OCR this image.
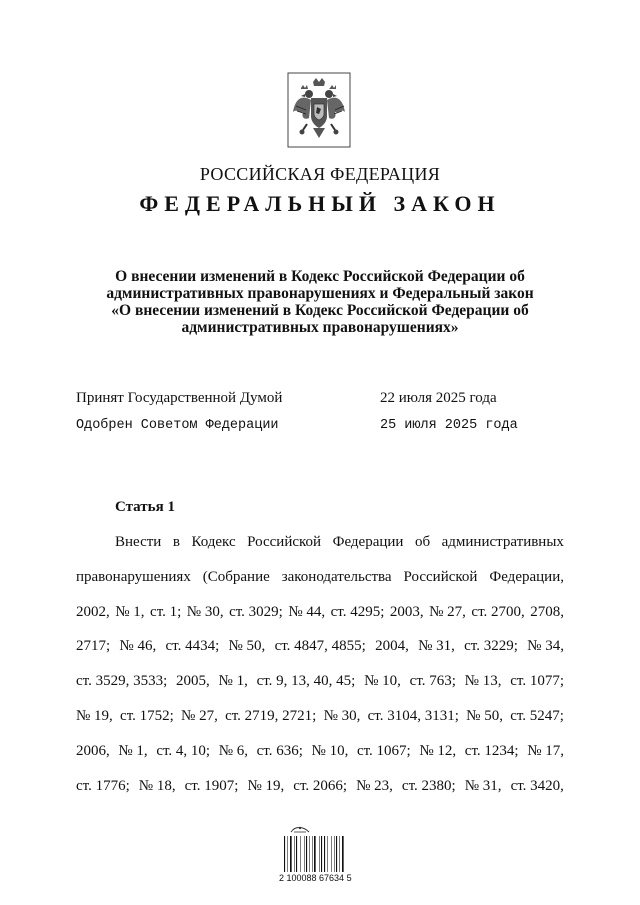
РОССИЙСКАЯ ФЕДЕРАЦИЯ
ФЕДЕРАЛЬНЫЙ ЗАКОН
О внесении изменений в Кодекс Российской Федерации об
административных правонарушениях и Федеральный закон
«О внесении изменений в Кодекс Российской Федерации об
административных правонарушениях»
Принят Государственной Думой	22 июля 2025 года
Одобрен Советом Федерации	25 июля 2025 года
Статья 1
Внести в Кодекс Российской Федерации об административных
правонарушениях (Собрание законодательства Российской Федерации,
2002, № 1, ст. 1; № 30, ст. 3029; № 44, ст. 4295; 2003, № 27, ст. 2700, 2708,
2717; № 46, ст. 4434; № 50, ст. 4847, 4855; 2004, № 31, ст. 3229; № 34,
ст. 3529, 3533; 2005, № 1, ст. 9, 13, 40, 45; № 10, ст. 763; № 13, ст. 1077;
№ 19, ст. 1752; № 27, ст. 2719, 2721; № 30, ст. 3104, 3131; № 50, ст. 5247;
2006, № 1, ст. 4, 10; № 6, ст. 636; № 10, ст. 1067; № 12, ст. 1234; № 17,
ст. 1776; № 18, ст. 1907; № 19, ст. 2066; № 23, ст. 2380; № 31, ст. 3420,
2 100088 67634 5
